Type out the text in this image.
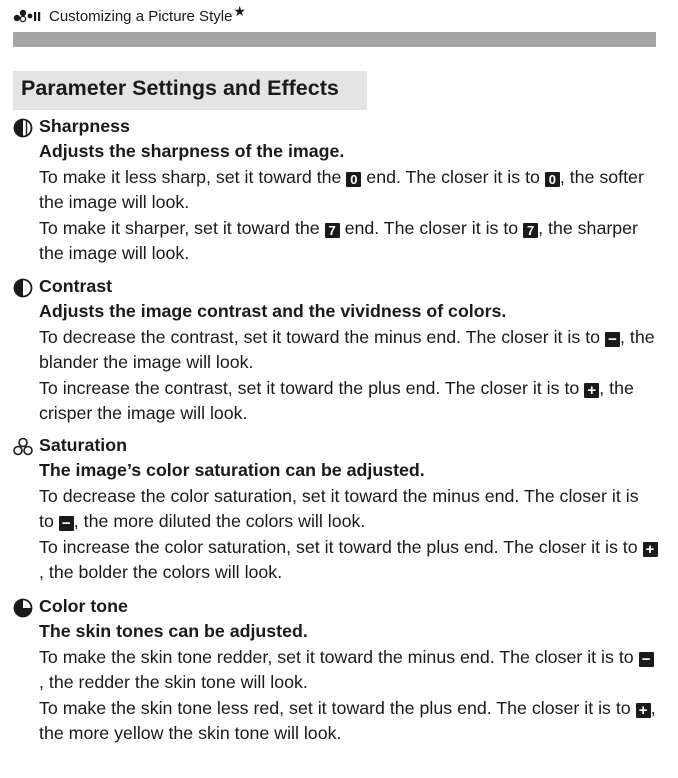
Customizing a Picture Style ★
Parameter Settings and Effects
Sharpness
Adjusts the sharpness of the image.

To make it less sharp, set it toward the 0 end. The closer it is to 0 , the softer the image will look.

To make it sharper, set it toward the 7 end. The closer it is to 7 , the sharper the image will look.

Contrast
Adjusts the image contrast and the vividness of colors.

To decrease the contrast, set it toward the minus end. The closer it is to − , the blander the image will look.

To increase the contrast, set it toward the plus end. The closer it is to + , the crisper the image will look.

Saturation
The image’s color saturation can be adjusted.

To decrease the color saturation, set it toward the minus end. The closer it is to − , the more diluted the colors will look.

To increase the color saturation, set it toward the plus end. The closer it is to +, the bolder the colors will look.

Color tone
The skin tones can be adjusted.

To make the skin tone redder, set it toward the minus end. The closer it is to −, the redder the skin tone will look.

To make the skin tone less red, set it toward the plus end. The closer it is to + , the more yellow the skin tone will look.
